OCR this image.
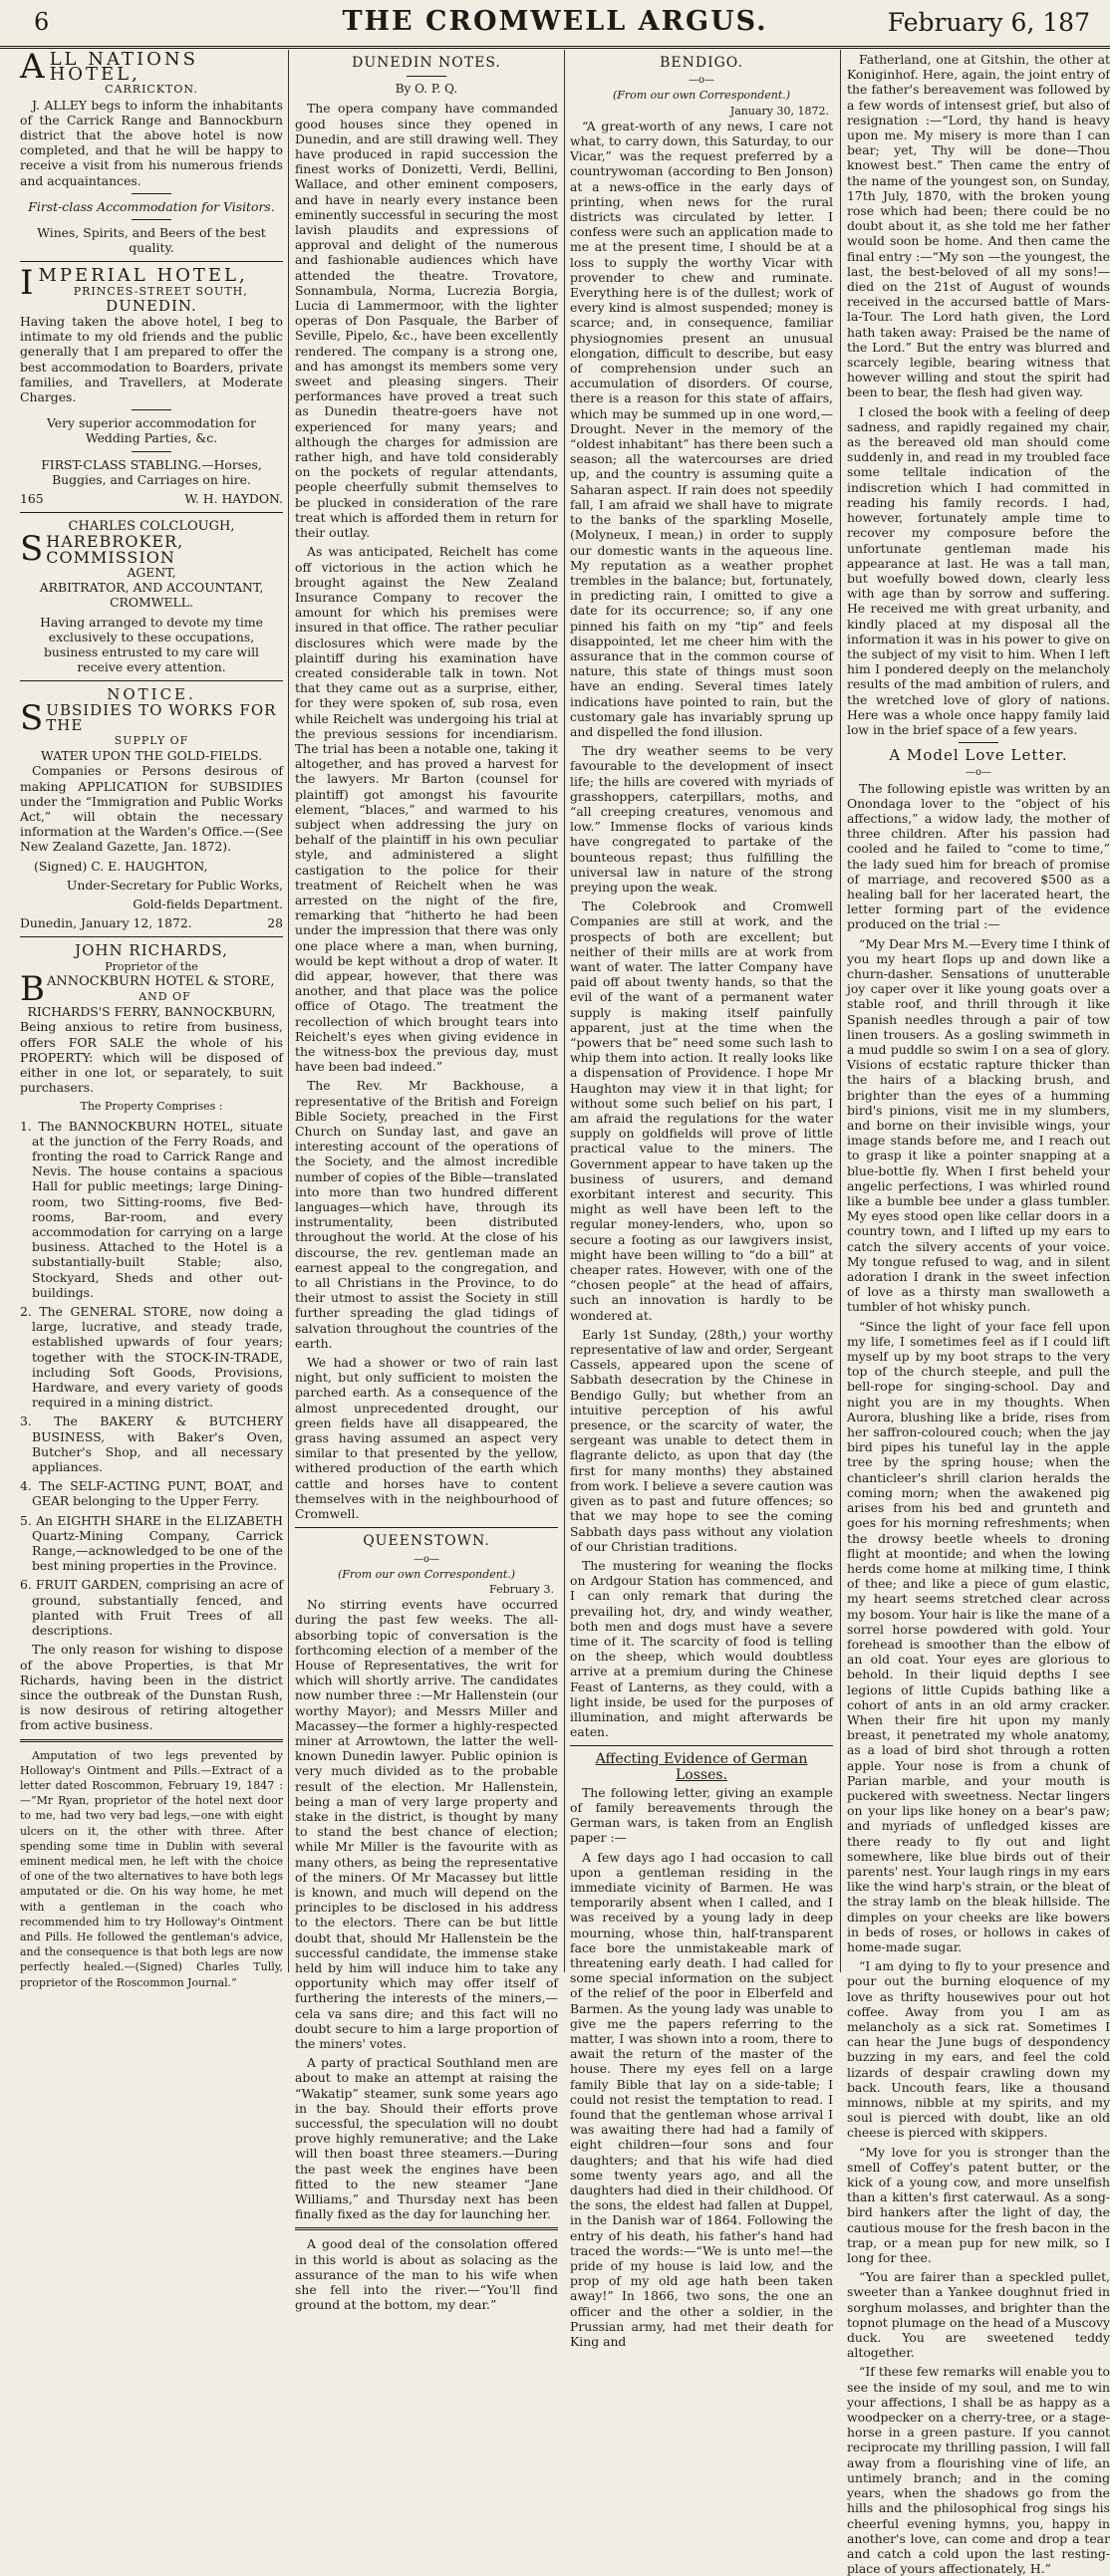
6	THE CROMWELL ARGUS.	February 6, 187
ALL NATIONS HOTEL,
CARRICKTON.

J. ALLEY begs to inform the inhabitants of the Carrick Range and Bannockburn district that the above hotel is now completed, and that he will be happy to receive a visit from his numerous friends and acquaintances.

First-class Accommodation for Visitors.

Wines, Spirits, and Beers of the best quality.

IMPERIAL HOTEL,
PRINCES-STREET SOUTH,
DUNEDIN.

Having taken the above hotel, I beg to intimate to my old friends and the public generally that I am prepared to offer the best accommodation to Boarders, private families, and Travellers, at Moderate Charges.

Very superior accommodation for Wedding Parties, &c.

FIRST-CLASS STABLING.—Horses, Buggies, and Carriages on hire.

165	W. H. HAYDON.

CHARLES COLCLOUGH,
SHAREBROKER, COMMISSION
AGENT,
ARBITRATOR, AND ACCOUNTANT,
CROMWELL.

Having arranged to devote my time exclusively to these occupations, business entrusted to my care will receive every attention.

NOTICE.
SUBSIDIES TO WORKS FOR THE
SUPPLY OF
WATER UPON THE GOLD-FIELDS.

Companies or Persons desirous of making APPLICATION for SUBSIDIES under the “Immigration and Public Works Act,” will obtain the necessary information at the Warden's Office.—(See New Zealand Gazette, Jan. 1872).

(Signed) C. E. HAUGHTON,

Under-Secretary for Public Works,

Gold-fields Department.

Dunedin, January 12, 1872.	28

JOHN RICHARDS,
Proprietor of the
BANNOCKBURN HOTEL & STORE,
AND OF
RICHARDS'S FERRY, BANNOCKBURN,

Being anxious to retire from business, offers FOR SALE the whole of his PROPERTY: which will be disposed of either in one lot, or separately, to suit purchasers.

The Property Comprises :

1. The BANNOCKBURN HOTEL, situate at the junction of the Ferry Roads, and fronting the road to Carrick Range and Nevis. The house contains a spacious Hall for public meetings; large Dining-room, two Sitting-rooms, five Bed-rooms, Bar-room, and every accommodation for carrying on a large business. Attached to the Hotel is a substantially-built Stable; also, Stockyard, Sheds and other out-buildings.

2. The GENERAL STORE, now doing a large, lucrative, and steady trade, established upwards of four years; together with the STOCK-IN-TRADE, including Soft Goods, Provisions, Hardware, and every variety of goods required in a mining district.

3. The BAKERY & BUTCHERY BUSINESS, with Baker's Oven, Butcher's Shop, and all necessary appliances.

4. The SELF-ACTING PUNT, BOAT, and GEAR belonging to the Upper Ferry.

5. An EIGHTH SHARE in the ELIZABETH Quartz-Mining Company, Carrick Range,—acknowledged to be one of the best mining properties in the Province.

6. FRUIT GARDEN, comprising an acre of ground, substantially fenced, and planted with Fruit Trees of all descriptions.

The only reason for wishing to dispose of the above Properties, is that Mr Richards, having been in the district since the outbreak of the Dunstan Rush, is now desirous of retiring altogether from active business.

Amputation of two legs prevented by Holloway's Ointment and Pills.—Extract of a letter dated Roscommon, February 19, 1847 :—“Mr Ryan, proprietor of the hotel next door to me, had two very bad legs,—one with eight ulcers on it, the other with three. After spending some time in Dublin with several eminent medical men, he left with the choice of one of the two alternatives to have both legs amputated or die. On his way home, he met with a gentleman in the coach who recommended him to try Holloway's Ointment and Pills. He followed the gentleman's advice, and the consequence is that both legs are now perfectly healed.—(Signed) Charles Tully, proprietor of the Roscommon Journal.”

DUNEDIN NOTES.
By O. P. Q.

The opera company have commanded good houses since they opened in Dunedin, and are still drawing well. They have produced in rapid succession the finest works of Donizetti, Verdi, Bellini, Wallace, and other eminent composers, and have in nearly every instance been eminently successful in securing the most lavish plaudits and expressions of approval and delight of the numerous and fashionable audiences which have attended the theatre. Trovatore, Sonnambula, Norma, Lucrezia Borgia, Lucia di Lammermoor, with the lighter operas of Don Pasquale, the Barber of Seville, Pipelo, &c., have been excellently rendered. The company is a strong one, and has amongst its members some very sweet and pleasing singers. Their performances have proved a treat such as Dunedin theatre-goers have not experienced for many years; and although the charges for admission are rather high, and have told considerably on the pockets of regular attendants, people cheerfully submit themselves to be plucked in consideration of the rare treat which is afforded them in return for their outlay.

As was anticipated, Reichelt has come off victorious in the action which he brought against the New Zealand Insurance Company to recover the amount for which his premises were insured in that office. The rather peculiar disclosures which were made by the plaintiff during his examination have created considerable talk in town. Not that they came out as a surprise, either, for they were spoken of, sub rosa, even while Reichelt was undergoing his trial at the previous sessions for incendiarism. The trial has been a notable one, taking it altogether, and has proved a harvest for the lawyers. Mr Barton (counsel for plaintiff) got amongst his favourite element, “blaces,” and warmed to his subject when addressing the jury on behalf of the plaintiff in his own peculiar style, and administered a slight castigation to the police for their treatment of Reichelt when he was arrested on the night of the fire, remarking that “hitherto he had been under the impression that there was only one place where a man, when burning, would be kept without a drop of water. It did appear, however, that there was another, and that place was the police office of Otago. The treatment the recollection of which brought tears into Reichelt's eyes when giving evidence in the witness-box the previous day, must have been bad indeed.”

The Rev. Mr Backhouse, a representative of the British and Foreign Bible Society, preached in the First Church on Sunday last, and gave an interesting account of the operations of the Society, and the almost incredible number of copies of the Bible—translated into more than two hundred different languages—which have, through its instrumentality, been distributed throughout the world. At the close of his discourse, the rev. gentleman made an earnest appeal to the congregation, and to all Christians in the Province, to do their utmost to assist the Society in still further spreading the glad tidings of salvation throughout the countries of the earth.

We had a shower or two of rain last night, but only sufficient to moisten the parched earth. As a consequence of the almost unprecedented drought, our green fields have all disappeared, the grass having assumed an aspect very similar to that presented by the yellow, withered production of the earth which cattle and horses have to content themselves with in the neighbourhood of Cromwell.

QUEENSTOWN.
—o—
(From our own Correspondent.)
February 3.

No stirring events have occurred during the past few weeks. The all-absorbing topic of conversation is the forthcoming election of a member of the House of Representatives, the writ for which will shortly arrive. The candidates now number three :—Mr Hallenstein (our worthy Mayor); and Messrs Miller and Macassey—the former a highly-respected miner at Arrowtown, the latter the well-known Dunedin lawyer. Public opinion is very much divided as to the probable result of the election. Mr Hallenstein, being a man of very large property and stake in the district, is thought by many to stand the best chance of election; while Mr Miller is the favourite with as many others, as being the representative of the miners. Of Mr Macassey but little is known, and much will depend on the principles to be disclosed in his address to the electors. There can be but little doubt that, should Mr Hallenstein be the successful candidate, the immense stake held by him will induce him to take any opportunity which may offer itself of furthering the interests of the miners,—cela va sans dire; and this fact will no doubt secure to him a large proportion of the miners' votes.

A party of practical Southland men are about to make an attempt at raising the “Wakatip” steamer, sunk some years ago in the bay. Should their efforts prove successful, the speculation will no doubt prove highly remunerative; and the Lake will then boast three steamers.—During the past week the engines have been fitted to the new steamer “Jane Williams,” and Thursday next has been finally fixed as the day for launching her.

A good deal of the consolation offered in this world is about as solacing as the assurance of the man to his wife when she fell into the river.—“You'll find ground at the bottom, my dear.”

BENDIGO.
—o—
(From our own Correspondent.)
January 30, 1872.

“A great-worth of any news, I care not what, to carry down, this Saturday, to our Vicar,” was the request preferred by a countrywoman (according to Ben Jonson) at a news-office in the early days of printing, when news for the rural districts was circulated by letter. I confess were such an application made to me at the present time, I should be at a loss to supply the worthy Vicar with provender to chew and ruminate. Everything here is of the dullest; work of every kind is almost suspended; money is scarce; and, in consequence, familiar physiognomies present an unusual elongation, difficult to describe, but easy of comprehension under such an accumulation of disorders. Of course, there is a reason for this state of affairs, which may be summed up in one word,—Drought. Never in the memory of the “oldest inhabitant” has there been such a season; all the watercourses are dried up, and the country is assuming quite a Saharan aspect. If rain does not speedily fall, I am afraid we shall have to migrate to the banks of the sparkling Moselle, (Molyneux, I mean,) in order to supply our domestic wants in the aqueous line. My reputation as a weather prophet trembles in the balance; but, fortunately, in predicting rain, I omitted to give a date for its occurrence; so, if any one pinned his faith on my “tip” and feels disappointed, let me cheer him with the assurance that in the common course of nature, this state of things must soon have an ending. Several times lately indications have pointed to rain, but the customary gale has invariably sprung up and dispelled the fond illusion.

The dry weather seems to be very favourable to the development of insect life; the hills are covered with myriads of grasshoppers, caterpillars, moths, and “all creeping creatures, venomous and low.” Immense flocks of various kinds have congregated to partake of the bounteous repast; thus fulfilling the universal law in nature of the strong preying upon the weak.

The Colebrook and Cromwell Companies are still at work, and the prospects of both are excellent; but neither of their mills are at work from want of water. The latter Company have paid off about twenty hands, so that the evil of the want of a permanent water supply is making itself painfully apparent, just at the time when the “powers that be” need some such lash to whip them into action. It really looks like a dispensation of Providence. I hope Mr Haughton may view it in that light; for without some such belief on his part, I am afraid the regulations for the water supply on goldfields will prove of little practical value to the miners. The Government appear to have taken up the business of usurers, and demand exorbitant interest and security. This might as well have been left to the regular money-lenders, who, upon so secure a footing as our lawgivers insist, might have been willing to “do a bill” at cheaper rates. However, with one of the “chosen people” at the head of affairs, such an innovation is hardly to be wondered at.

Early 1st Sunday, (28th,) your worthy representative of law and order, Sergeant Cassels, appeared upon the scene of Sabbath desecration by the Chinese in Bendigo Gully; but whether from an intuitive perception of his awful presence, or the scarcity of water, the sergeant was unable to detect them in flagrante delicto, as upon that day (the first for many months) they abstained from work. I believe a severe caution was given as to past and future offences; so that we may hope to see the coming Sabbath days pass without any violation of our Christian traditions.

The mustering for weaning the flocks on Ardgour Station has commenced, and I can only remark that during the prevailing hot, dry, and windy weather, both men and dogs must have a severe time of it. The scarcity of food is telling on the sheep, which would doubtless arrive at a premium during the Chinese Feast of Lanterns, as they could, with a light inside, be used for the purposes of illumination, and might afterwards be eaten.

Affecting Evidence of German Losses.

The following letter, giving an example of family bereavements through the German wars, is taken from an English paper :—

A few days ago I had occasion to call upon a gentleman residing in the immediate vicinity of Barmen. He was temporarily absent when I called, and I was received by a young lady in deep mourning, whose thin, half-transparent face bore the unmistakeable mark of threatening early death. I had called for some special information on the subject of the relief of the poor in Elberfeld and Barmen. As the young lady was unable to give me the papers referring to the matter, I was shown into a room, there to await the return of the master of the house. There my eyes fell on a large family Bible that lay on a side-table; I could not resist the temptation to read. I found that the gentleman whose arrival I was awaiting there had had a family of eight children—four sons and four daughters; and that his wife had died some twenty years ago, and all the daughters had died in their childhood. Of the sons, the eldest had fallen at Duppel, in the Danish war of 1864. Following the entry of his death, his father's hand had traced the words:—“We is unto me!—the pride of my house is laid low, and the prop of my old age hath been taken away!” In 1866, two sons, the one an officer and the other a soldier, in the Prussian army, had met their death for King and

Fatherland, one at Gitshin, the other at Koniginhof. Here, again, the joint entry of the father's bereavement was followed by a few words of intensest grief, but also of resignation :—“Lord, thy hand is heavy upon me. My misery is more than I can bear; yet, Thy will be done—Thou knowest best.” Then came the entry of the name of the youngest son, on Sunday, 17th July, 1870, with the broken young rose which had been; there could be no doubt about it, as she told me her father would soon be home. And then came the final entry :—“My son —the youngest, the last, the best-beloved of all my sons!—died on the 21st of August of wounds received in the accursed battle of Mars-la-Tour. The Lord hath given, the Lord hath taken away: Praised be the name of the Lord.” But the entry was blurred and scarcely legible, bearing witness that however willing and stout the spirit had been to bear, the flesh had given way.

I closed the book with a feeling of deep sadness, and rapidly regained my chair, as the bereaved old man should come suddenly in, and read in my troubled face some telltale indication of the indiscretion which I had committed in reading his family records. I had, however, fortunately ample time to recover my composure before the unfortunate gentleman made his appearance at last. He was a tall man, but woefully bowed down, clearly less with age than by sorrow and suffering. He received me with great urbanity, and kindly placed at my disposal all the information it was in his power to give on the subject of my visit to him. When I left him I pondered deeply on the melancholy results of the mad ambition of rulers, and the wretched love of glory of nations. Here was a whole once happy family laid low in the brief space of a few years.

A Model Love Letter.
—o—

The following epistle was written by an Onondaga lover to the “object of his affections,” a widow lady, the mother of three children. After his passion had cooled and he failed to “come to time,” the lady sued him for breach of promise of marriage, and recovered $500 as a healing ball for her lacerated heart, the letter forming part of the evidence produced on the trial :—

“My Dear Mrs M.—Every time I think of you my heart flops up and down like a churn-dasher. Sensations of unutterable joy caper over it like young goats over a stable roof, and thrill through it like Spanish needles through a pair of tow linen trousers. As a gosling swimmeth in a mud puddle so swim I on a sea of glory. Visions of ecstatic rapture thicker than the hairs of a blacking brush, and brighter than the eyes of a humming bird's pinions, visit me in my slumbers, and borne on their invisible wings, your image stands before me, and I reach out to grasp it like a pointer snapping at a blue-bottle fly. When I first beheld your angelic perfections, I was whirled round like a bumble bee under a glass tumbler. My eyes stood open like cellar doors in a country town, and I lifted up my ears to catch the silvery accents of your voice. My tongue refused to wag, and in silent adoration I drank in the sweet infection of love as a thirsty man swalloweth a tumbler of hot whisky punch.

“Since the light of your face fell upon my life, I sometimes feel as if I could lift myself up by my boot straps to the very top of the church steeple, and pull the bell-rope for singing-school. Day and night you are in my thoughts. When Aurora, blushing like a bride, rises from her saffron-coloured couch; when the jay bird pipes his tuneful lay in the apple tree by the spring house; when the chanticleer's shrill clarion heralds the coming morn; when the awakened pig arises from his bed and grunteth and goes for his morning refreshments; when the drowsy beetle wheels to droning flight at moontide; and when the lowing herds come home at milking time, I think of thee; and like a piece of gum elastic, my heart seems stretched clear across my bosom. Your hair is like the mane of a sorrel horse powdered with gold. Your forehead is smoother than the elbow of an old coat. Your eyes are glorious to behold. In their liquid depths I see legions of little Cupids bathing like a cohort of ants in an old army cracker. When their fire hit upon my manly breast, it penetrated my whole anatomy, as a load of bird shot through a rotten apple. Your nose is from a chunk of Parian marble, and your mouth is puckered with sweetness. Nectar lingers on your lips like honey on a bear's paw; and myriads of unfledged kisses are there ready to fly out and light somewhere, like blue birds out of their parents' nest. Your laugh rings in my ears like the wind harp's strain, or the bleat of the stray lamb on the bleak hillside. The dimples on your cheeks are like bowers in beds of roses, or hollows in cakes of home-made sugar.

“I am dying to fly to your presence and pour out the burning eloquence of my love as thrifty housewives pour out hot coffee. Away from you I am as melancholy as a sick rat. Sometimes I can hear the June bugs of despondency buzzing in my ears, and feel the cold lizards of despair crawling down my back. Uncouth fears, like a thousand minnows, nibble at my spirits, and my soul is pierced with doubt, like an old cheese is pierced with skippers.

“My love for you is stronger than the smell of Coffey's patent butter, or the kick of a young cow, and more unselfish than a kitten's first caterwaul. As a song-bird hankers after the light of day, the cautious mouse for the fresh bacon in the trap, or a mean pup for new milk, so I long for thee.

“You are fairer than a speckled pullet, sweeter than a Yankee doughnut fried in sorghum molasses, and brighter than the topnot plumage on the head of a Muscovy duck. You are sweetened teddy altogether.

“If these few remarks will enable you to see the inside of my soul, and me to win your affections, I shall be as happy as a woodpecker on a cherry-tree, or a stage-horse in a green pasture. If you cannot reciprocate my thrilling passion, I will fall away from a flourishing vine of life, an untimely branch; and in the coming years, when the shadows go from the hills and the philosophical frog sings his cheerful evening hymns, you, happy in another's love, can come and drop a tear and catch a cold upon the last resting-place of yours affectionately, H.”
